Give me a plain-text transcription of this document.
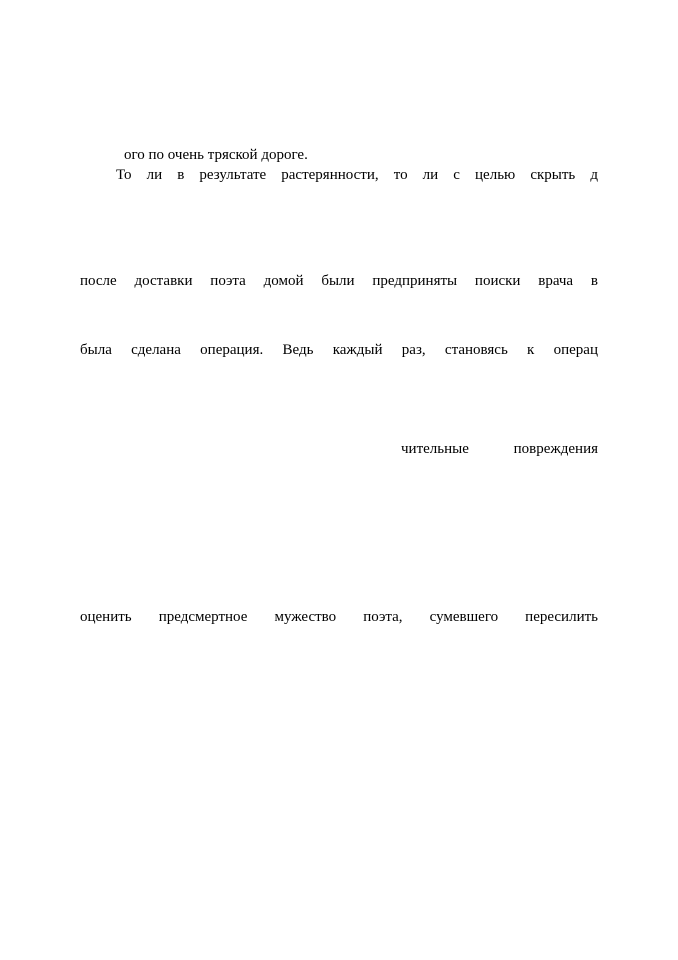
ого по очень тряской дороге.

То ли в результате растерянности, то ли с целью скрыть д

после доставки поэта домой были предприняты поиски врача в

была сделана операция. Ведь каждый раз, становясь к операц

чительные повреждения

оценить предсмертное мужество поэта, сумевшего пересилить
